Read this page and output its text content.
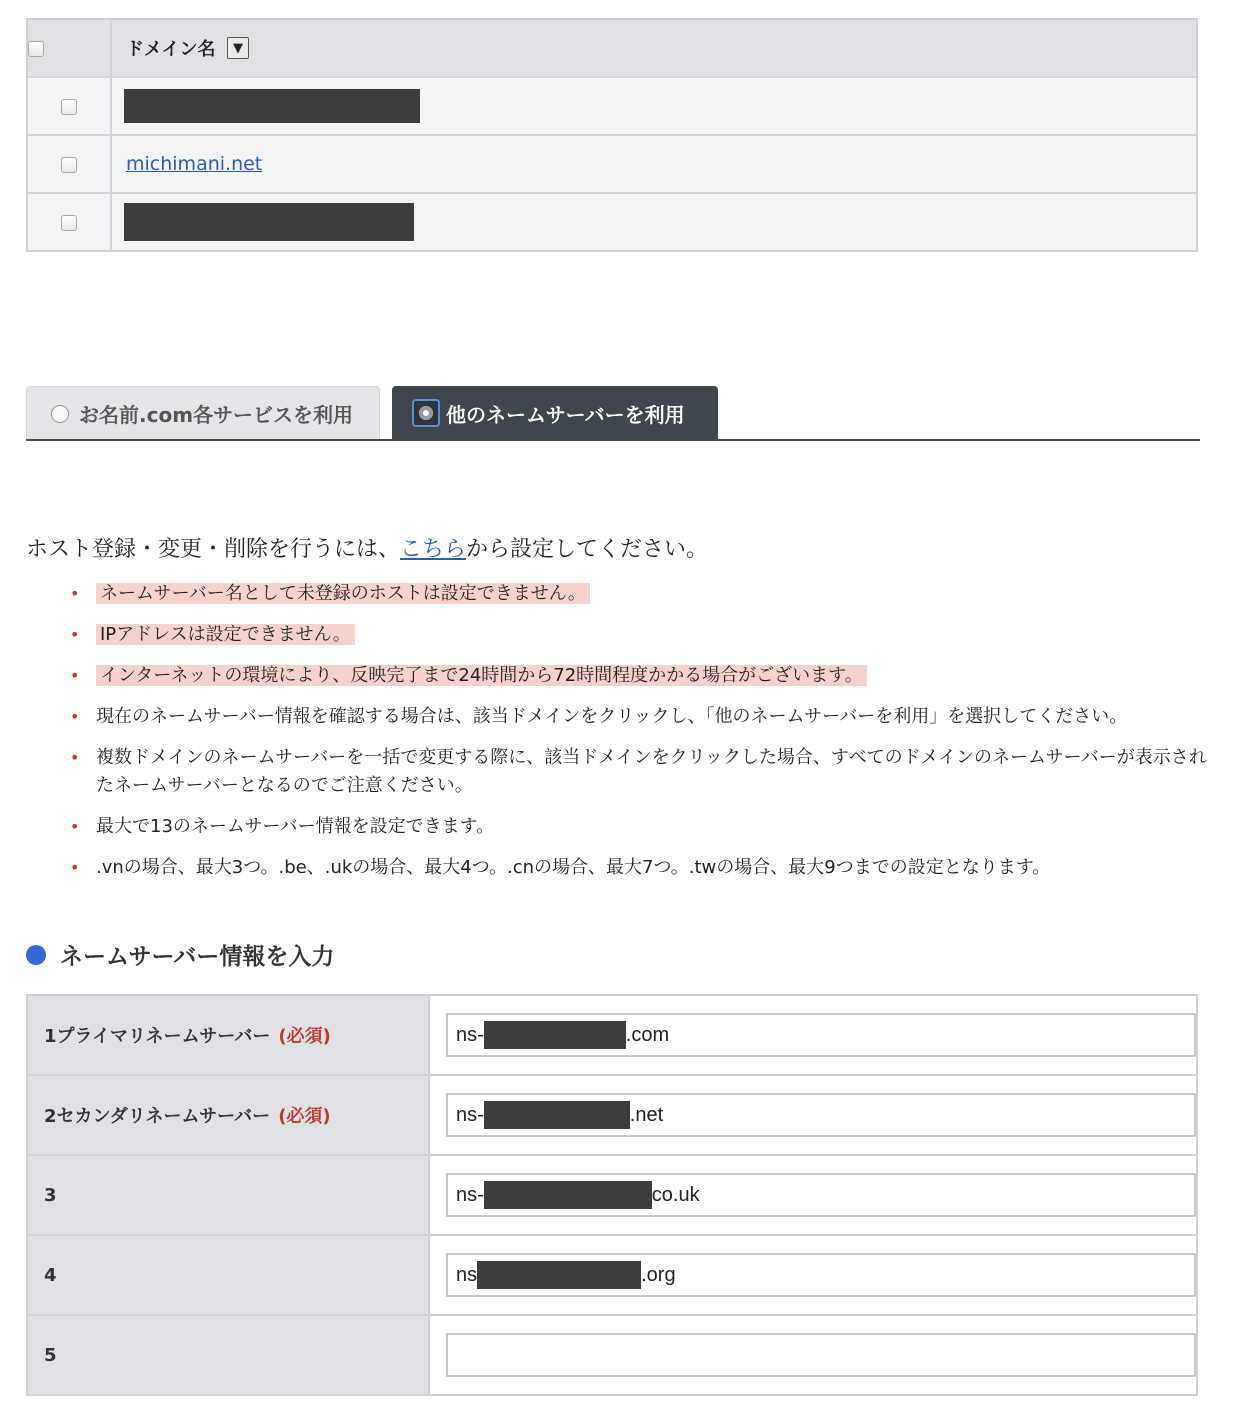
	ドメイン名 ▼

	michimani.net

お名前.com各サービスを利用	他のネームサーバーを利用
ホスト登録・変更・削除を行うには、こちらから設定してください。
• ネームサーバー名として未登録のホストは設定できません。
• IPアドレスは設定できません。
• インターネットの環境により、反映完了まで24時間から72時間程度かかる場合がございます。
• 現在のネームサーバー情報を確認する場合は、該当ドメインをクリックし、「他のネームサーバーを利用」を選択してください。
• 複数ドメインのネームサーバーを一括で変更する際に、該当ドメインをクリックした場合、すべてのドメインのネームサーバーが表示されたネームサーバーとなるのでご注意ください。
• 最大で13のネームサーバー情報を設定できます。
• .vnの場合、最大3つ。.be、.ukの場合、最大4つ。.cnの場合、最大7つ。.twの場合、最大9つまでの設定となります。
ネームサーバー情報を入力
1プライマリネームサーバー (必須)	ns- .com

2セカンダリネームサーバー (必須)	ns- .net

3	ns- co.uk

4	ns .org

5	
